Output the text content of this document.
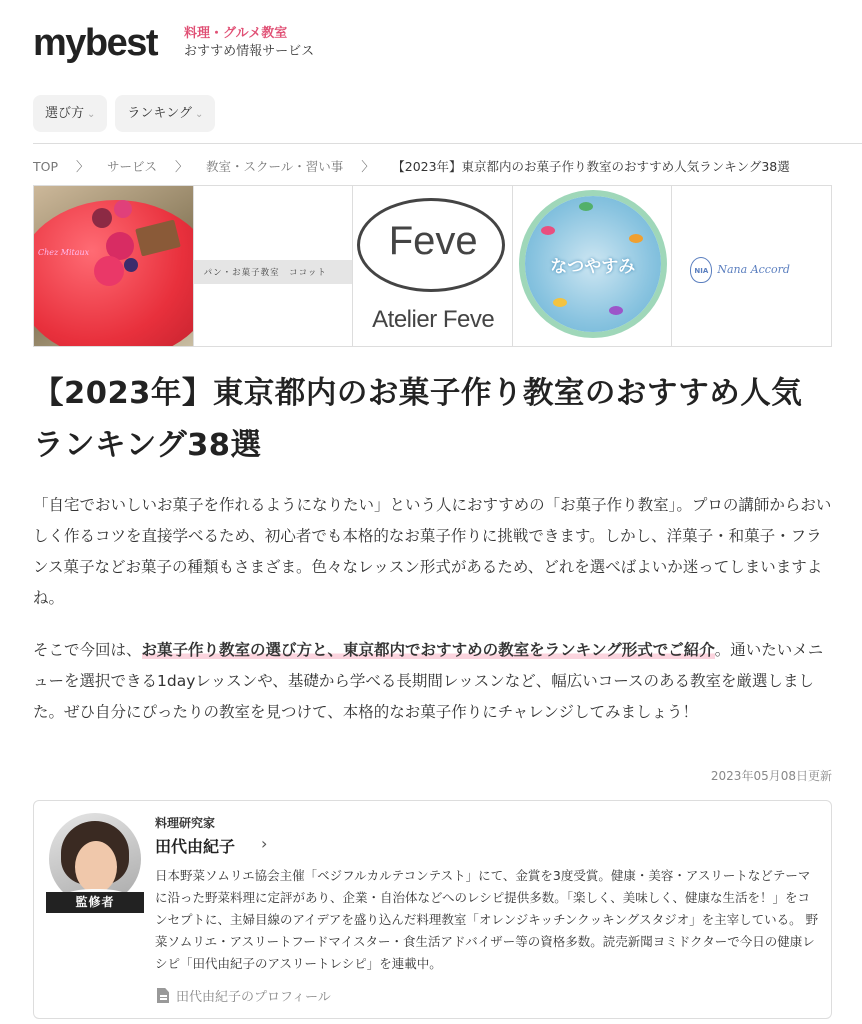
mybest 料理・グルメ教室
おすすめ情報サービス
選び方 ⌄	ランキング ⌄
TOP 〉 サービス 〉 教室・スクール・習い事 〉 【2023年】東京都内のお菓子作り教室のおすすめ人気ランキング38選
Chez Mitaux
パン・お菓子教室　ココット
Feve
Atelier Feve
なつやすみ	NIA Nana Accord
【2023年】東京都内のお菓子作り教室のおすすめ人気ランキング38選

「自宅でおいしいお菓子を作れるようになりたい」という人におすすめの「お菓子作り教室」。プロの講師からおいしく作るコツを直接学べるため、初心者でも本格的なお菓子作りに挑戦できます。しかし、洋菓子・和菓子・フランス菓子などお菓子の種類もさまざま。色々なレッスン形式があるため、どれを選べばよいか迷ってしまいますよね。

そこで今回は、お菓子作り教室の選び方と、東京都内でおすすめの教室をランキング形式でご紹介。通いたいメニューを選択できる1dayレッスンや、基礎から学べる長期間レッスンなど、幅広いコースのある教室を厳選しました。ぜひ自分にぴったりの教室を見つけて、本格的なお菓子作りにチャレンジしてみましょう！

2023年05月08日更新
監修者
料理研究家
田代由紀子 ›

日本野菜ソムリエ協会主催「ベジフルカルテコンテスト」にて、金賞を3度受賞。健康・美容・アスリートなどテーマに沿った野菜料理に定評があり、企業・自治体などへのレシピ提供多数。「楽しく、美味しく、健康な生活を！」をコンセプトに、主婦目線のアイデアを盛り込んだ料理教室「オレンジキッチンクッキングスタジオ」を主宰している。 野菜ソムリエ・アスリートフードマイスター・食生活アドバイザー等の資格多数。読売新聞ヨミドクターで今日の健康レシピ「田代由紀子のアスリートレシピ」を連載中。

田代由紀子のプロフィール
